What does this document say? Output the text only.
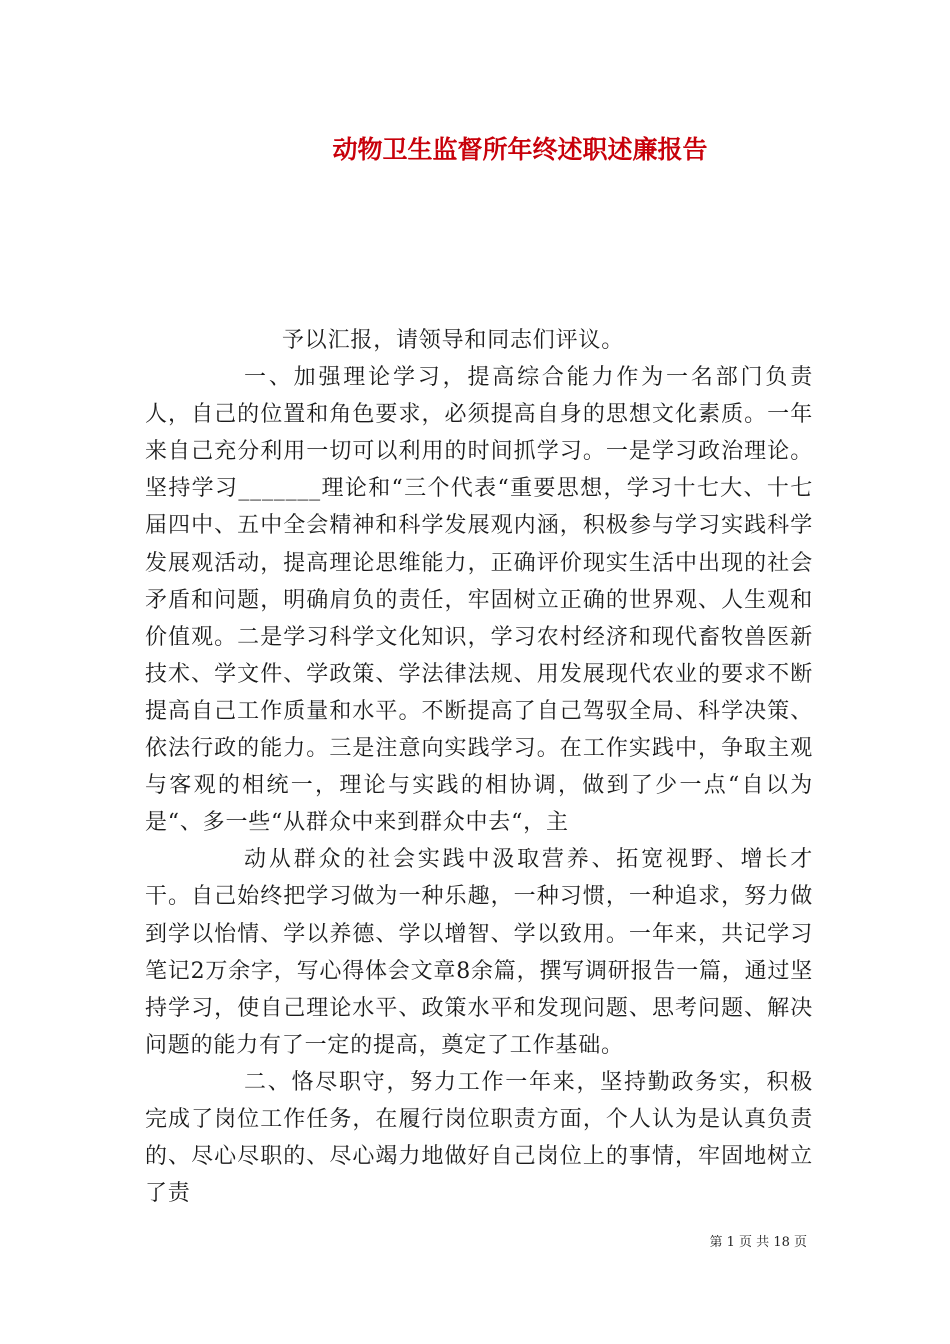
动物卫生监督所年终述职述廉报告

予以汇报，请领导和同志们评议。

一、加强理论学习，提高综合能力作为一名部门负责人，自己的位置和角色要求，必须提高自身的思想文化素质。一年来自己充分利用一切可以利用的时间抓学习。一是学习政治理论。坚持学习_______理论和“三个代表“重要思想，学习十七大、十七届四中、五中全会精神和科学发展观内涵，积极参与学习实践科学发展观活动，提高理论思维能力，正确评价现实生活中出现的社会矛盾和问题，明确肩负的责任，牢固树立正确的世界观、人生观和价值观。二是学习科学文化知识，学习农村经济和现代畜牧兽医新技术、学文件、学政策、学法律法规、用发展现代农业的要求不断提高自己工作质量和水平。不断提高了自己驾驭全局、科学决策、依法行政的能力。三是注意向实践学习。在工作实践中，争取主观与客观的相统一，理论与实践的相协调，做到了少一点“自以为是“、多一些“从群众中来到群众中去“，主

动从群众的社会实践中汲取营养、拓宽视野、增长才干。自己始终把学习做为一种乐趣，一种习惯，一种追求，努力做到学以怡情、学以养德、学以增智、学以致用。一年来，共记学习笔记2万余字，写心得体会文章8余篇，撰写调研报告一篇，通过坚持学习，使自己理论水平、政策水平和发现问题、思考问题、解决问题的能力有了一定的提高，奠定了工作基础。

二、恪尽职守，努力工作一年来，坚持勤政务实，积极完成了岗位工作任务，在履行岗位职责方面，个人认为是认真负责的、尽心尽职的、尽心竭力地做好自己岗位上的事情，牢固地树立了责

第 1 页 共 18 页
